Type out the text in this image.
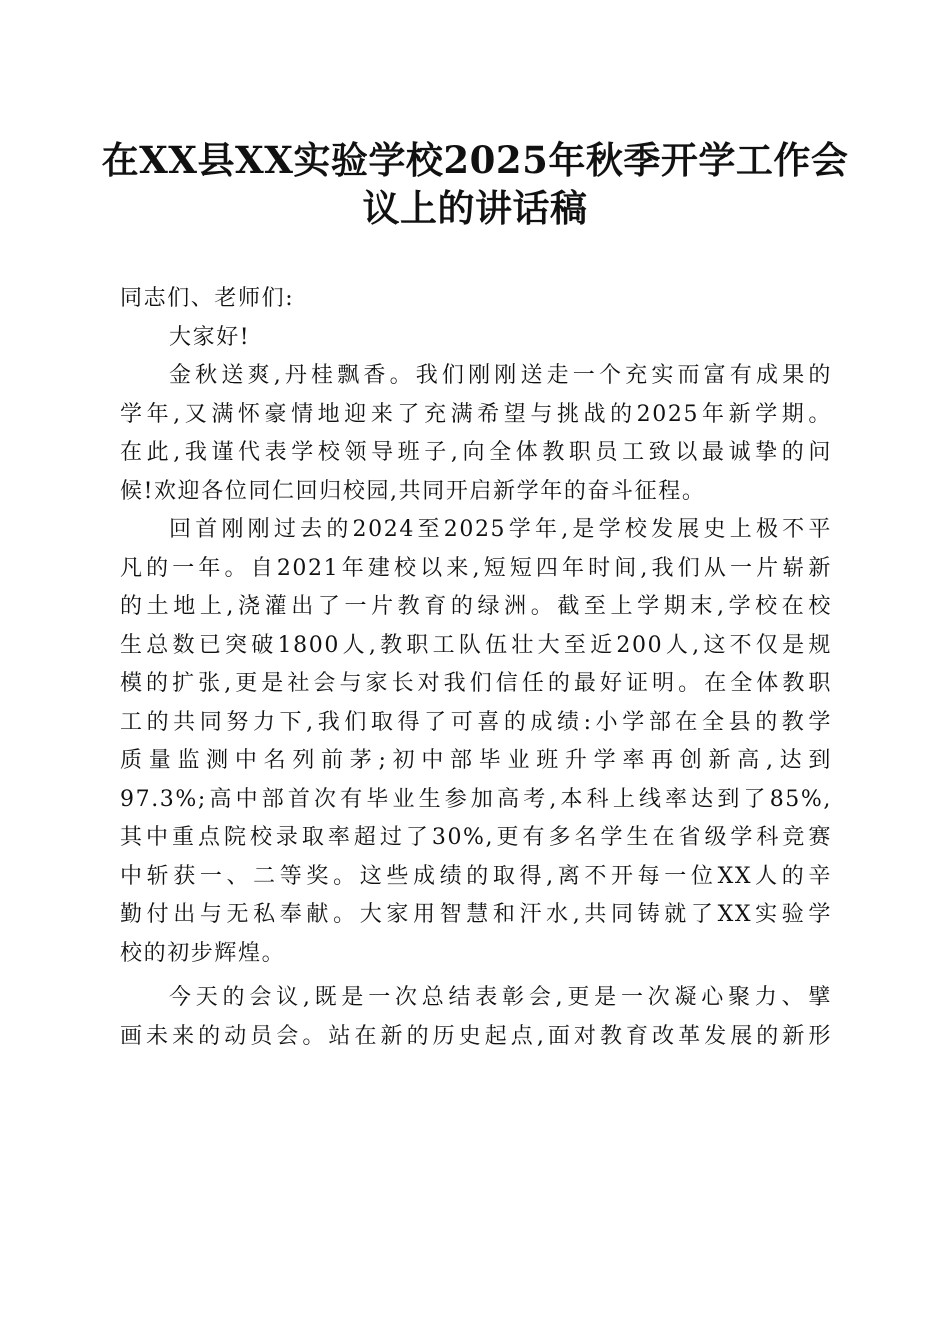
在XX县XX实验学校2025年秋季开学工作会
议上的讲话稿
同志们、老师们:
大家好!
金秋送爽,丹桂飘香。我们刚刚送走一个充实而富有成果的
学年,又满怀豪情地迎来了充满希望与挑战的2025年新学期。
在此,我谨代表学校领导班子,向全体教职员工致以最诚挚的问
候!欢迎各位同仁回归校园,共同开启新学年的奋斗征程。
回首刚刚过去的2024至2025学年,是学校发展史上极不平
凡的一年。自2021年建校以来,短短四年时间,我们从一片崭新
的土地上,浇灌出了一片教育的绿洲。截至上学期末,学校在校
生总数已突破1800人,教职工队伍壮大至近200人,这不仅是规
模的扩张,更是社会与家长对我们信任的最好证明。在全体教职
工的共同努力下,我们取得了可喜的成绩:小学部在全县的教学
质量监测中名列前茅;初中部毕业班升学率再创新高,达到
97.3%;高中部首次有毕业生参加高考,本科上线率达到了85%,
其中重点院校录取率超过了30%,更有多名学生在省级学科竞赛
中斩获一、二等奖。这些成绩的取得,离不开每一位XX人的辛
勤付出与无私奉献。大家用智慧和汗水,共同铸就了XX实验学
校的初步辉煌。
今天的会议,既是一次总结表彰会,更是一次凝心聚力、擘
画未来的动员会。站在新的历史起点,面对教育改革发展的新形
